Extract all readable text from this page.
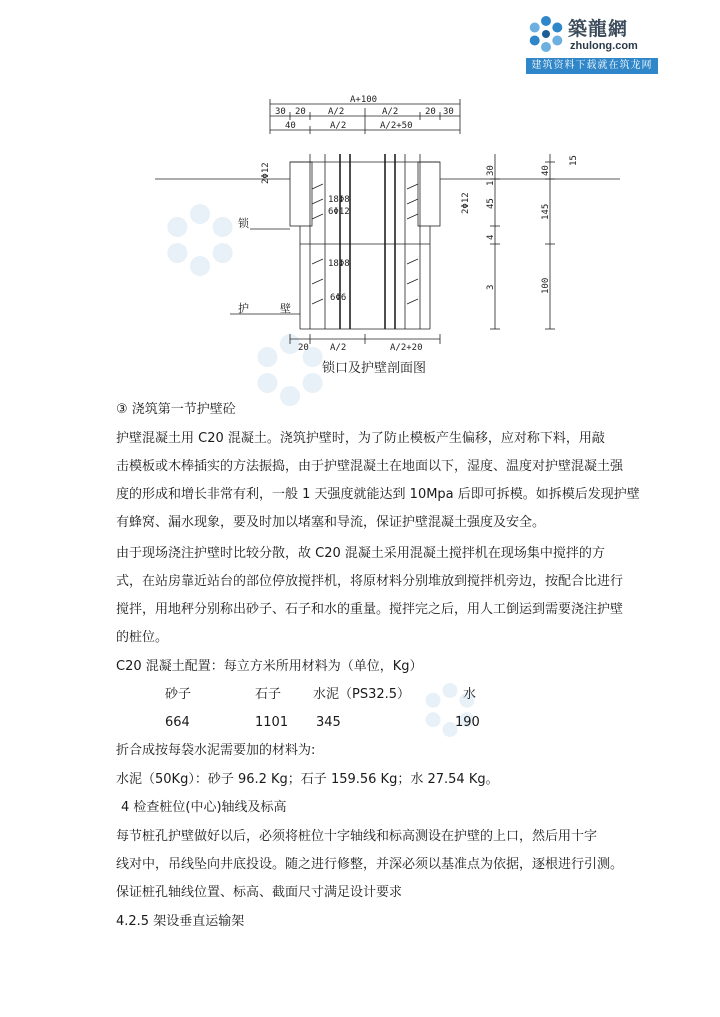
築龍網
zhulong.com
建筑资料下载就在筑龙网
A+100
30 20 A/2	A/2	20 30
40	A/2	A/2+50
20 A/2	A/2+20
锁
护	壁
18Φ8
6Φ12
18Φ8
6Φ6
2Φ12
2Φ12
30
1
40
15
145
100
4
45
3
锁口及护壁剖面图
③ 浇筑第一节护壁砼
护壁混凝土用 C20 混凝土。浇筑护壁时，为了防止模板产生偏移，应对称下料，用敲
击模板或木棒插实的方法振捣，由于护壁混凝土在地面以下，湿度、温度对护壁混凝土强
度的形成和增长非常有利，一般 1 天强度就能达到 10Mpa 后即可拆模。如拆模后发现护壁
有蜂窝、漏水现象，要及时加以堵塞和导流，保证护壁混凝土强度及安全。
由于现场浇注护壁时比较分散，故 C20 混凝土采用混凝土搅拌机在现场集中搅拌的方
式，在站房靠近站台的部位停放搅拌机，将原材料分别堆放到搅拌机旁边，按配合比进行
搅拌，用地秤分别称出砂子、石子和水的重量。搅拌完之后，用人工倒运到需要浇注护壁
的桩位。
C20 混凝土配置：每立方米所用材料为（单位，Kg）
砂子	石子 水泥（PS32.5）	水
664	1101 345	190
折合成按每袋水泥需要加的材料为:
水泥（50Kg）：砂子 96.2 Kg；石子 159.56 Kg；水 27.54 Kg。
4 检查桩位(中心)轴线及标高
每节桩孔护壁做好以后，必须将桩位十字轴线和标高测设在护壁的上口，然后用十字
线对中，吊线坠向井底投设。随之进行修整，并深必须以基准点为依据，逐根进行引测。
保证桩孔轴线位置、标高、截面尺寸满足设计要求
4.2.5 架设垂直运输架
